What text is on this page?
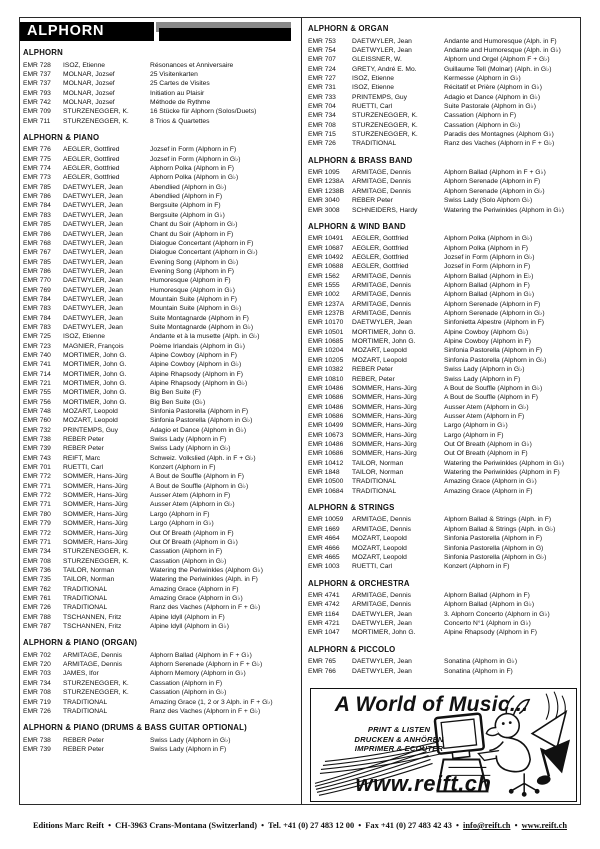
ALPHORN
ALPHORN
EMR 728	ISOZ, Etienne	Résonances et Anniversaire
EMR 737	MOLNAR, Jozsef	25 Visitenkarten
EMR 737	MOLNAR, Jozsef	25 Cartes de Visites
EMR 793	MOLNAR, Jozsef	Initiation au Plaisir
EMR 742	MOLNAR, Jozsef	Méthode de Rythme
EMR 709	STURZENEGGER, K.	16 Stücke für Alphorn (Solos/Duets)
EMR 711	STURZENEGGER, K.	8 Trios & Quartettes
ALPHORN & PIANO
EMR 776	AEGLER, Gottfired	Jozsef in Form (Alphorn in F)
EMR 775	AEGLER, Gottfired	Jozsef in Form (Alphorn in G♭)
EMR 774	AEGLER, Gottfried	Alphorn Polka (Alphorn in F)
EMR 773	AEGLER, Gottfried	Alphorn Polka (Alphorn in G♭)
EMR 785	DAETWYLER, Jean	Abendlied (Alphorn in G♭)
EMR 786	DAETWYLER, Jean	Abendlied (Alphorn in F)
EMR 784	DAETWYLER, Jean	Bergsuite (Alphorn in F)
EMR 783	DAETWYLER, Jean	Bergsuite (Alphorn in G♭)
EMR 785	DAETWYLER, Jean	Chant du Soir (Alphorn in G♭)
EMR 786	DAETWYLER, Jean	Chant du Soir (Alphorn in F)
EMR 768	DAETWYLER, Jean	Dialogue Concertant (Alphorn in F)
EMR 767	DAETWYLER, Jean	Dialogue Concertant (Alphorn in G♭)
EMR 785	DAETWYLER, Jean	Evening Song (Alphorn in G♭)
EMR 786	DAETWYLER, Jean	Evening Song (Alphorn in F)
EMR 770	DAETWYLER, Jean	Humoresque (Alphorn in F)
EMR 769	DAETWYLER, Jean	Humoresque (Alphorn in G♭)
EMR 784	DAETWYLER, Jean	Mountain Suite (Alphorn in F)
EMR 783	DAETWYLER, Jean	Mountain Suite (Alphorn in G♭)
EMR 784	DAETWYLER, Jean	Suite Montagnarde (Alphorn in F)
EMR 783	DAETWYLER, Jean	Suite Montagnarde (Alphorn in G♭)
EMR 725	ISOZ, Etienne	Andante et à la musette (Alph. in G♭)
EMR 723	MAGNIER, François	Poème Irlandais (Alphorn in G♭)
EMR 740	MORTIMER, John G.	Alpine Cowboy (Alphorn in F)
EMR 741	MORTIMER, John G.	Alpine Cowboy (Alphorn in G♭)
EMR 714	MORTIMER, John G.	Alpine Rhapsody (Alphorn in F)
EMR 721	MORTIMER, John G.	Alpine Rhapsody (Alphorn in G♭)
EMR 755	MORTIMER, John G.	Big Ben Suite (F)
EMR 756	MORTIMER, John G.	Big Ben Suite (G♭)
EMR 748	MOZART, Leopold	Sinfonia Pastorella (Alphorn in F)
EMR 760	MOZART, Leopold	Sinfonia Pastorella (Alphorn in G♭)
EMR 732	PRINTEMPS, Guy	Adagio et Dance (Alphorn in G♭)
EMR 738	REBER Peter	Swiss Lady (Alphorn in F)
EMR 739	REBER Peter	Swiss Lady (Alphorn in G♭)
EMR 743	REIFT, Marc	Schweiz. Volkslied (Alph. in F + G♭)
EMR 701	RUETTI, Carl	Konzert (Alphorn in F)
EMR 772	SOMMER, Hans-Jürg	A Bout de Souffle (Alphorn in F)
EMR 771	SOMMER, Hans-Jürg	A Bout de Souffle (Alphorn in G♭)
EMR 772	SOMMER, Hans-Jürg	Ausser Atem (Alphorn in F)
EMR 771	SOMMER, Hans-Jürg	Ausser Atem (Alphorn in G♭)
EMR 780	SOMMER, Hans-Jürg	Largo (Alphorn in F)
EMR 779	SOMMER, Hans-Jürg	Largo (Alphorn in G♭)
EMR 772	SOMMER, Hans-Jürg	Out Of Breath (Alphorn in F)
EMR 771	SOMMER, Hans-Jürg	Out Of Breath (Alphorn in G♭)
EMR 734	STURZENEGGER, K.	Cassation (Alphorn in F)
EMR 708	STURZENEGGER, K.	Cassation (Alphorn in G♭)
EMR 736	TAILOR, Norman	Watering the Periwinkles (Alphorn G♭)
EMR 735	TAILOR, Norman	Watering the Periwinkles (Alph. in F)
EMR 762	TRADITIONAL	Amazing Grace (Alphorn in F)
EMR 761	TRADITIONAL	Amazing Grace (Alphorn in G♭)
EMR 726	TRADITIONAL	Ranz des Vaches (Alphorn in F + G♭)
EMR 788	TSCHANNEN, Fritz	Alpine Idyll (Alphorn in F)
EMR 787	TSCHANNEN, Fritz	Alpine Idyll (Alphorn in G♭)
ALPHORN & PIANO (ORGAN)
EMR 702	ARMITAGE, Dennis	Alphorn Ballad (Alphorn in F + G♭)
EMR 720	ARMITAGE, Dennis	Alphorn Serenade (Alphorn in F + G♭)
EMR 703	JAMES, Ifor	Alphorn Memory (Alphorn in G♭)
EMR 734	STURZENEGGER, K.	Cassation (Alphorn in F)
EMR 708	STURZENEGGER, K.	Cassation (Alphorn in G♭)
EMR 719	TRADITIONAL	Amazing Grace (1, 2 or 3 Alph. in F + G♭)
EMR 726	TRADITIONAL	Ranz des Vaches (Alphorn in F + G♭)
ALPHORN & PIANO (DRUMS & BASS GUITAR OPTIONAL)
EMR 738	REBER Peter	Swiss Lady (Alphorn in G♭)
EMR 739	REBER Peter	Swiss Lady (Alphorn in F)
ALPHORN & ORGAN
EMR 753	DAETWYLER, Jean	Andante and Humoresque (Alph. in F)
EMR 754	DAETWYLER, Jean	Andante and Humoresque (Alph. in G♭)
EMR 707	GLEISSNER, W.	Alphorn und Orgel (Alphorn F + G♭)
EMR 724	GRETY, André E. Mo.	Guillaume Tell (Molnar) (Alph. in G♭)
EMR 727	ISOZ, Etienne	Kermesse (Alphorn in G♭)
EMR 731	ISOZ, Etienne	Récitatif et Prière (Alphorn in G♭)
EMR 733	PRINTEMPS, Guy	Adagio et Dance (Alphorn in G♭)
EMR 704	RUETTI, Carl	Suite Pastorale (Alphorn in G♭)
EMR 734	STURZENEGGER, K.	Cassation (Alphorn in F)
EMR 708	STURZENEGGER, K.	Cassation (Alphorn in G♭)
EMR 715	STURZENEGGER, K.	Paradis des Montagnes (Alphorn G♭)
EMR 726	TRADITIONAL	Ranz des Vaches (Alphorn in F + G♭)
ALPHORN & BRASS BAND
EMR 1095	ARMITAGE, Dennis	Alphorn Ballad (Alphorn in F + G♭)
EMR 1238A	ARMITAGE, Dennis	Alphorn Serenade (Alphorn in F)
EMR 1238B	ARMITAGE, Dennis	Alphorn Serenade (Alphorn in G♭)
EMR 3040	REBER Peter	Swiss Lady (Solo Alphorn G♭)
EMR 3008	SCHNEIDERS, Hardy	Watering the Periwinkles (Alphorn in G♭)
ALPHORN & WIND BAND
EMR 10491	AEGLER, Gottfried	Alphorn Polka (Alphorn in G♭)
EMR 10687	AEGLER, Gottfried	Alphorn Polka (Alphorn in F)
EMR 10492	AEGLER, Gottfried	Jozsef in Form (Alphorn in G♭)
EMR 10688	AEGLER, Gottfried	Jozsef in Form (Alphorn in F)
EMR 1562	ARMITAGE, Dennis	Alphorn Ballad (Alphorn in E♭)
EMR 1555	ARMITAGE, Dennis	Alphorn Ballad (Alphorn in F)
EMR 1002	ARMITAGE, Dennis	Alphorn Ballad (Alphorn in G♭)
EMR 1237A	ARMITAGE, Dennis	Alphorn Serenade (Alphorn in F)
EMR 1237B	ARMITAGE, Dennis	Alphorn Serenade (Alphorn in G♭)
EMR 10170	DAETWYLER, Jean	Sinfonietta Alpestre (Alphorn in F)
EMR 10501	MORTIMER, John G.	Alpine Cowboy (Alphorn G♭)
EMR 10685	MORTIMER, John G.	Alpine Cowboy (Alphorn in F)
EMR 10204	MOZART, Leopold	Sinfonia Pastorella (Alphorn in F)
EMR 10205	MOZART, Leopold	Sinfonia Pastorella (Alphorn in G♭)
EMR 10382	REBER Peter	Swiss Lady (Alphorn in G♭)
EMR 10810	REBER, Peter	Swiss Lady (Alphorn in F)
EMR 10486	SOMMER, Hans-Jürg	A Bout de Souffle (Alphorn in G♭)
EMR 10686	SOMMER, Hans-Jürg	A Bout de Souffle (Alphorn in F)
EMR 10486	SOMMER, Hans-Jürg	Ausser Atem (Alphorn in G♭)
EMR 10686	SOMMER, Hans-Jürg	Ausser Atem (Alphorn in F)
EMR 10499	SOMMER, Hans-Jürg	Largo (Alphorn in G♭)
EMR 10673	SOMMER, Hans-Jürg	Largo (Alphorn in F)
EMR 10486	SOMMER, Hans-Jürg	Out Of Breath (Alphorn in G♭)
EMR 10686	SOMMER, Hans-Jürg	Out Of Breath (Alphorn in F)
EMR 10412	TAILOR, Norman	Watering the Periwinkles (Alphorn in G♭)
EMR 1848	TAILOR, Norman	Watering the Periwinkles (Alphorn in F)
EMR 10500	TRADITIONAL	Amazing Grace (Alphorn in G♭)
EMR 10684	TRADITIONAL	Amazing Grace (Alphorn in F)
ALPHORN & STRINGS
EMR 10059	ARMITAGE, Dennis	Alphorn Ballad & Strings (Alph. in F)
EMR 1669	ARMITAGE, Dennis	Alphorn Ballad & Strings (Alph. in G♭)
EMR 4664	MOZART, Leopold	Sinfonia Pastorella (Alphorn in F)
EMR 4666	MOZART, Leopold	Sinfonia Pastorella (Alphorn in G)
EMR 4665	MOZART, Leopold	Sinfonia Pastorella (Alphorn in G♭)
EMR 1003	RUETTI, Carl	Konzert (Alphorn in F)
ALPHORN & ORCHESTRA
EMR 4741	ARMITAGE, Dennis	Alphorn Ballad (Alphorn in F)
EMR 4742	ARMITAGE, Dennis	Alphorn Ballad (Alphorn in G♭)
EMR 1164	DAETWYLER, Jean	3. Alphorn Concerto (Alphorn in G♭)
EMR 4721	DAETWYLER, Jean	Concerto N°1 (Alphorn in G♭)
EMR 1047	MORTIMER, John G.	Alpine Rhapsody (Alphorn in F)
ALPHORN & PICCOLO
EMR 765	DAETWYLER, Jean	Sonatina (Alphorn in G♭)
EMR 766	DAETWYLER, Jean	Sonatina (Alphorn in F)
A World of Music...
PRINT & LISTEN
DRUCKEN & ANHÖREN
IMPRIMER & ECOUTER
www.reift.ch
Editions Marc Reift • CH-3963 Crans-Montana (Switzerland) • Tel. +41 (0) 27 483 12 00 • Fax +41 (0) 27 483 42 43 • info@reift.ch • www.reift.ch
